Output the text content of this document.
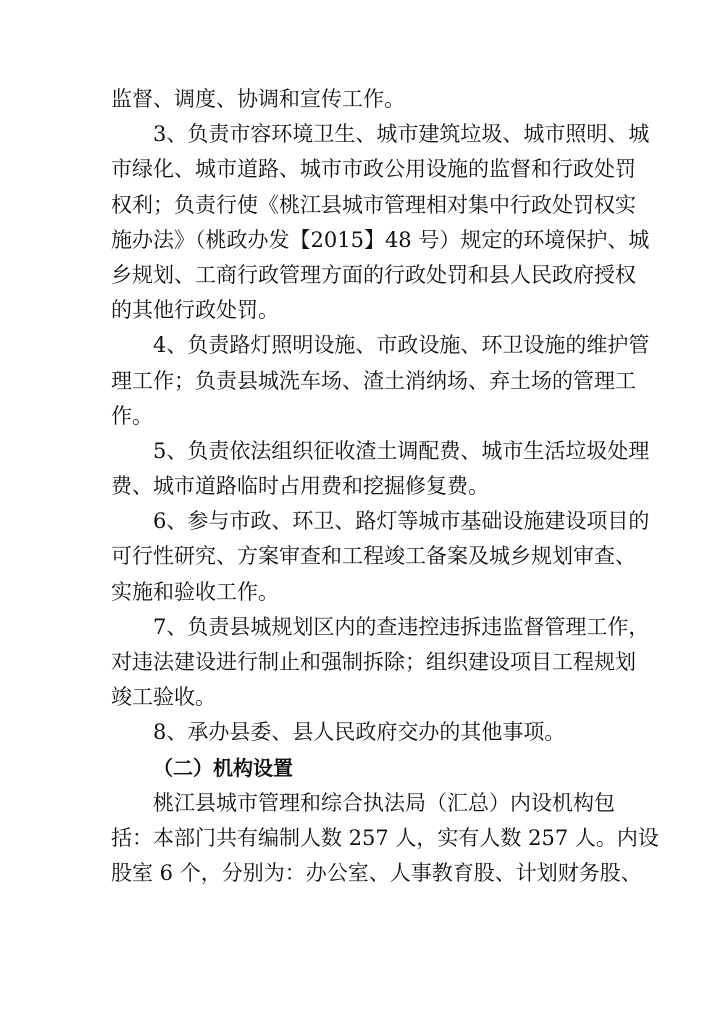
监督、调度、协调和宣传工作。
3、负责市容环境卫生、城市建筑垃圾、城市照明、城
市绿化、城市道路、城市市政公用设施的监督和行政处罚
权利；负责行使《桃江县城市管理相对集中行政处罚权实
施办法》（桃政办发【2015】48 号）规定的环境保护、城
乡规划、工商行政管理方面的行政处罚和县人民政府授权
的其他行政处罚。
4、负责路灯照明设施、市政设施、环卫设施的维护管
理工作；负责县城洗车场、渣土消纳场、弃土场的管理工
作。
5、负责依法组织征收渣土调配费、城市生活垃圾处理
费、城市道路临时占用费和挖掘修复费。
6、参与市政、环卫、路灯等城市基础设施建设项目的
可行性研究、方案审查和工程竣工备案及城乡规划审查、
实施和验收工作。
7、负责县城规划区内的查违控违拆违监督管理工作，
对违法建设进行制止和强制拆除；组织建设项目工程规划
竣工验收。
8、承办县委、县人民政府交办的其他事项。
（二）机构设置
桃江县城市管理和综合执法局（汇总）内设机构包
括：本部门共有编制人数 257 人，实有人数 257 人。内设
股室 6 个，分别为：办公室、人事教育股、计划财务股、
